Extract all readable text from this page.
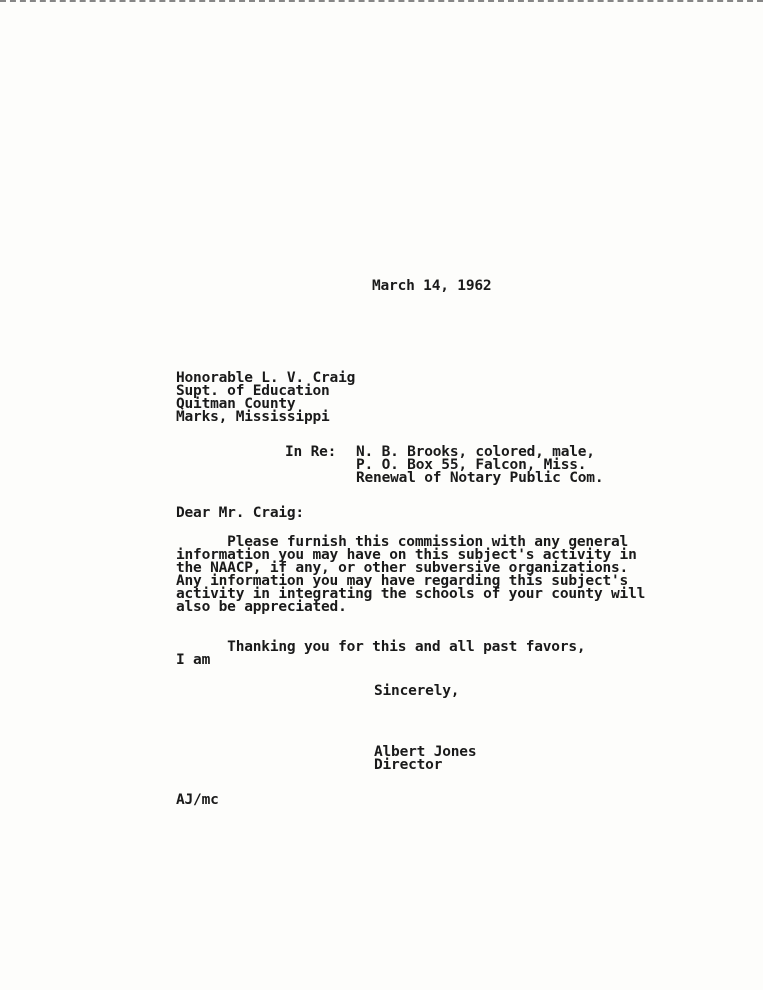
March 14, 1962
Honorable L. V. Craig
Supt. of Education
Quitman County
Marks, Mississippi
In Re: N. B. Brooks, colored, male,
P. O. Box 55, Falcon, Miss.
Renewal of Notary Public Com.
Dear Mr. Craig:
Please furnish this commission with any general
information you may have on this subject's activity in
the NAACP, if any, or other subversive organizations.
Any information you may have regarding this subject's
activity in integrating the schools of your county will
also be appreciated.
Thanking you for this and all past favors,
I am
Sincerely,
Albert Jones
Director
AJ/mc
